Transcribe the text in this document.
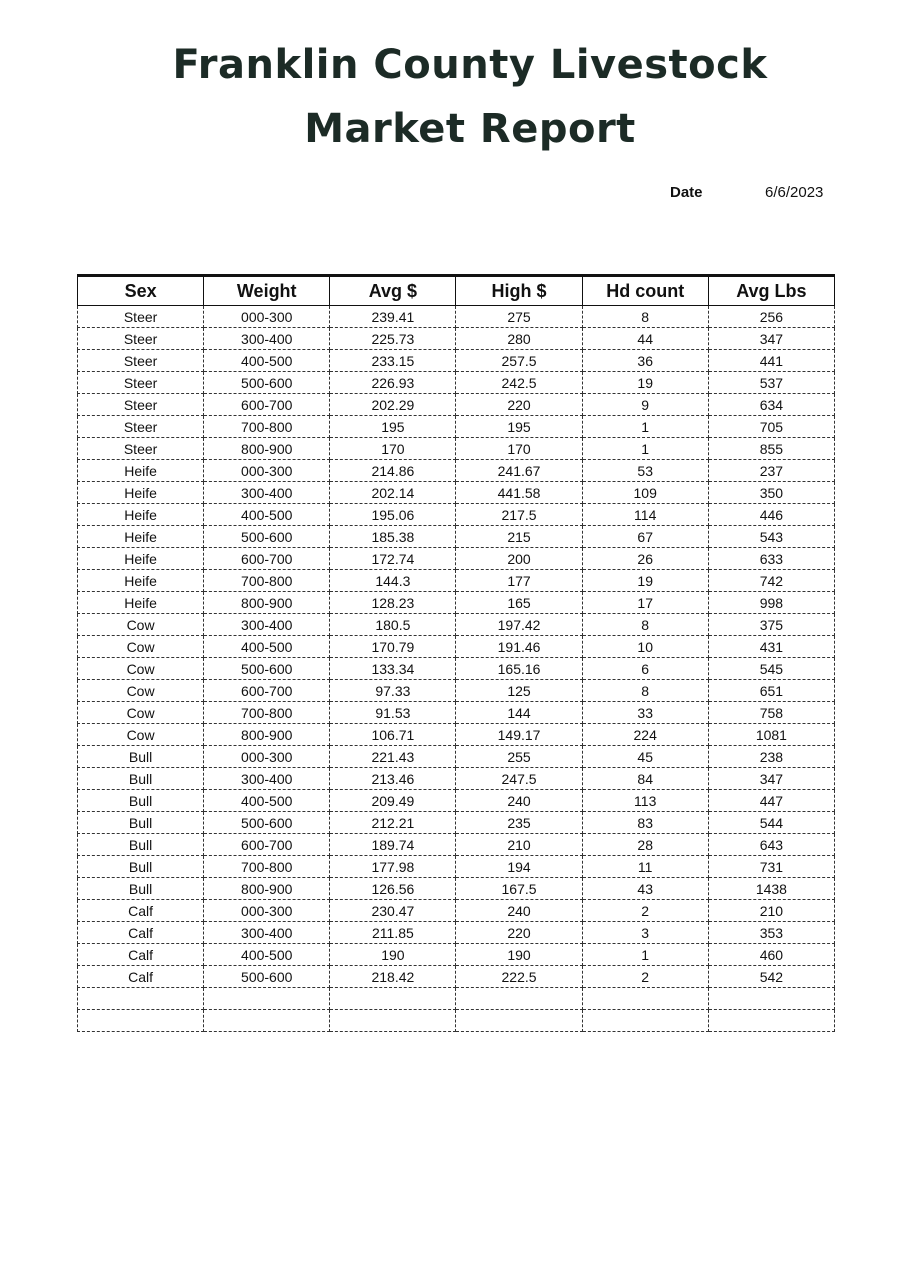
Franklin County Livestock
Market Report
Date	6/6/2023
Sex	Weight	Avg $	High $	Hd count	Avg Lbs
Steer	000-300	239.41	275	8	256
Steer	300-400	225.73	280	44	347
Steer	400-500	233.15	257.5	36	441
Steer	500-600	226.93	242.5	19	537
Steer	600-700	202.29	220	9	634
Steer	700-800	195	195	1	705
Steer	800-900	170	170	1	855
Heife	000-300	214.86	241.67	53	237
Heife	300-400	202.14	441.58	109	350
Heife	400-500	195.06	217.5	114	446
Heife	500-600	185.38	215	67	543
Heife	600-700	172.74	200	26	633
Heife	700-800	144.3	177	19	742
Heife	800-900	128.23	165	17	998
Cow	300-400	180.5	197.42	8	375
Cow	400-500	170.79	191.46	10	431
Cow	500-600	133.34	165.16	6	545
Cow	600-700	97.33	125	8	651
Cow	700-800	91.53	144	33	758
Cow	800-900	106.71	149.17	224	1081
Bull	000-300	221.43	255	45	238
Bull	300-400	213.46	247.5	84	347
Bull	400-500	209.49	240	113	447
Bull	500-600	212.21	235	83	544
Bull	600-700	189.74	210	28	643
Bull	700-800	177.98	194	11	731
Bull	800-900	126.56	167.5	43	1438
Calf	000-300	230.47	240	2	210
Calf	300-400	211.85	220	3	353
Calf	400-500	190	190	1	460
Calf	500-600	218.42	222.5	2	542
